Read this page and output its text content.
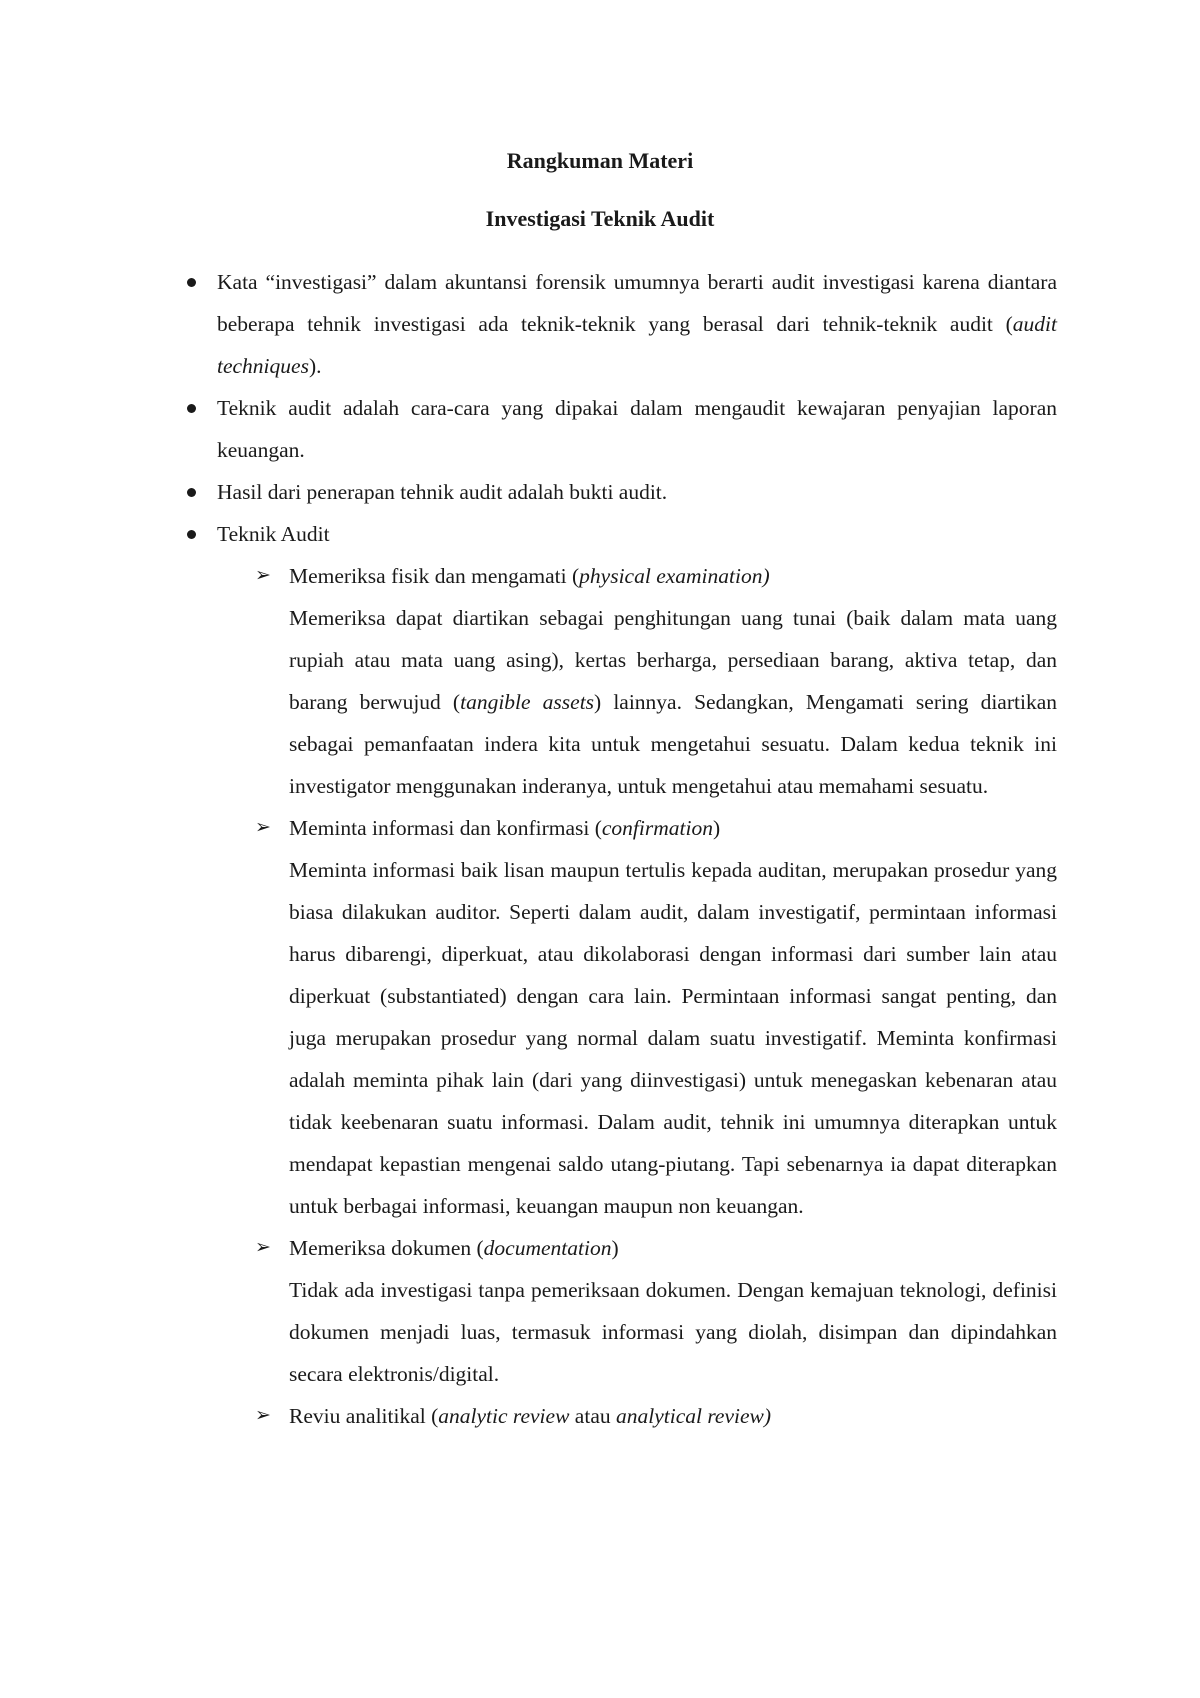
Rangkuman Materi
Investigasi Teknik Audit
Kata “investigasi” dalam akuntansi forensik umumnya berarti audit investigasi karena diantara beberapa tehnik investigasi ada teknik-teknik yang berasal dari tehnik-teknik audit (audit techniques).
Teknik audit adalah cara-cara yang dipakai dalam mengaudit kewajaran penyajian laporan keuangan.
Hasil dari penerapan tehnik audit adalah bukti audit.
Teknik Audit
➢ Memeriksa fisik dan mengamati (physical examination)
Memeriksa dapat diartikan sebagai penghitungan uang tunai (baik dalam mata uang rupiah atau mata uang asing), kertas berharga, persediaan barang, aktiva tetap, dan barang berwujud (tangible assets) lainnya. Sedangkan, Mengamati sering diartikan sebagai pemanfaatan indera kita untuk mengetahui sesuatu. Dalam kedua teknik ini investigator menggunakan inderanya, untuk mengetahui atau memahami sesuatu.
➢ Meminta informasi dan konfirmasi (confirmation)
Meminta informasi baik lisan maupun tertulis kepada auditan, merupakan prosedur yang biasa dilakukan auditor. Seperti dalam audit, dalam investigatif, permintaan informasi harus dibarengi, diperkuat, atau dikolaborasi dengan informasi dari sumber lain atau diperkuat (substantiated) dengan cara lain. Permintaan informasi sangat penting, dan juga merupakan prosedur yang normal dalam suatu investigatif. Meminta konfirmasi adalah meminta pihak lain (dari yang diinvestigasi) untuk menegaskan kebenaran atau tidak keebenaran suatu informasi. Dalam audit, tehnik ini umumnya diterapkan untuk mendapat kepastian mengenai saldo utang-piutang. Tapi sebenarnya ia dapat diterapkan untuk berbagai informasi, keuangan maupun non keuangan.
➢ Memeriksa dokumen (documentation)
Tidak ada investigasi tanpa pemeriksaan dokumen. Dengan kemajuan teknologi, definisi dokumen menjadi luas, termasuk informasi yang diolah, disimpan dan dipindahkan secara elektronis/digital.
➢ Reviu analitikal (analytic review atau analytical review)
